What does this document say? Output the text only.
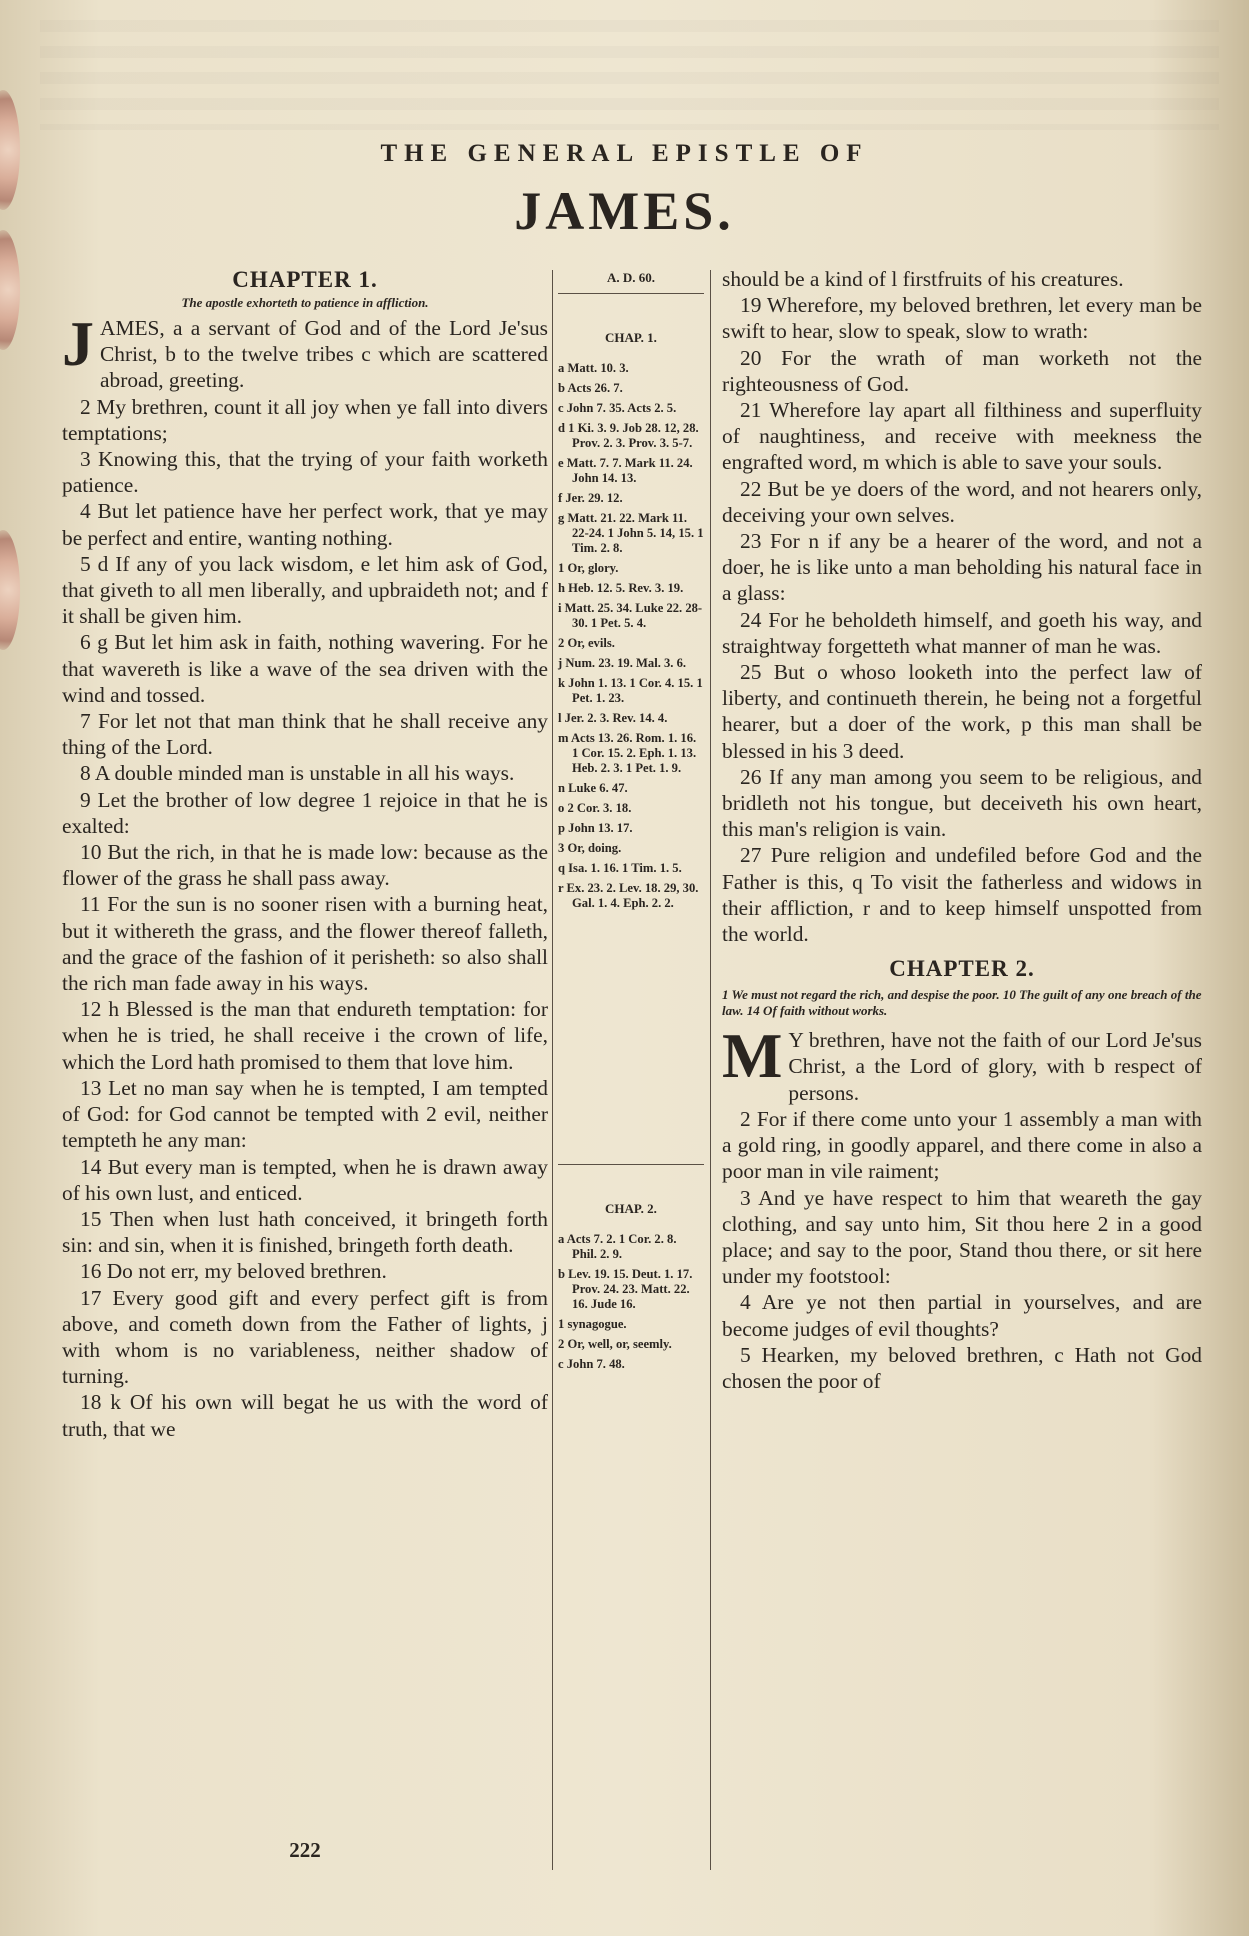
THE GENERAL EPISTLE OF
JAMES.
CHAPTER 1.
The apostle exhorteth to patience in affliction.
J AMES, a a servant of God and of the Lord Je'sus Christ, b to the twelve tribes c which are scattered abroad, greeting.

2 My brethren, count it all joy when ye fall into divers temptations;

3 Knowing this, that the trying of your faith worketh patience.

4 But let patience have her perfect work, that ye may be perfect and entire, wanting nothing.

5 d If any of you lack wisdom, e let him ask of God, that giveth to all men liberally, and upbraideth not; and f it shall be given him.

6 g But let him ask in faith, nothing wavering. For he that wavereth is like a wave of the sea driven with the wind and tossed.

7 For let not that man think that he shall receive any thing of the Lord.

8 A double minded man is unstable in all his ways.

9 Let the brother of low degree 1 rejoice in that he is exalted:

10 But the rich, in that he is made low: because as the flower of the grass he shall pass away.

11 For the sun is no sooner risen with a burning heat, but it withereth the grass, and the flower thereof falleth, and the grace of the fashion of it perisheth: so also shall the rich man fade away in his ways.

12 h Blessed is the man that endureth temptation: for when he is tried, he shall receive i the crown of life, which the Lord hath promised to them that love him.

13 Let no man say when he is tempted, I am tempted of God: for God cannot be tempted with 2 evil, neither tempteth he any man:

14 But every man is tempted, when he is drawn away of his own lust, and enticed.

15 Then when lust hath conceived, it bringeth forth sin: and sin, when it is finished, bringeth forth death.

16 Do not err, my beloved brethren.

17 Every good gift and every perfect gift is from above, and cometh down from the Father of lights, j with whom is no variableness, neither shadow of turning.

18 k Of his own will begat he us with the word of truth, that we

A. D. 60.
CHAP. 1.

a Matt. 10. 3.

b Acts 26. 7.

c John 7. 35. Acts 2. 5.

d 1 Ki. 3. 9. Job 28. 12, 28. Prov. 2. 3. Prov. 3. 5-7.

e Matt. 7. 7. Mark 11. 24. John 14. 13.

f Jer. 29. 12.

g Matt. 21. 22. Mark 11. 22-24. 1 John 5. 14, 15. 1 Tim. 2. 8.

1 Or, glory.

h Heb. 12. 5. Rev. 3. 19.

i Matt. 25. 34. Luke 22. 28-30. 1 Pet. 5. 4.

2 Or, evils.

j Num. 23. 19. Mal. 3. 6.

k John 1. 13. 1 Cor. 4. 15. 1 Pet. 1. 23.

l Jer. 2. 3. Rev. 14. 4.

m Acts 13. 26. Rom. 1. 16. 1 Cor. 15. 2. Eph. 1. 13. Heb. 2. 3. 1 Pet. 1. 9.

n Luke 6. 47.

o 2 Cor. 3. 18.

p John 13. 17.

3 Or, doing.

q Isa. 1. 16. 1 Tim. 1. 5.

r Ex. 23. 2. Lev. 18. 29, 30. Gal. 1. 4. Eph. 2. 2.

CHAP. 2.

a Acts 7. 2. 1 Cor. 2. 8. Phil. 2. 9.

b Lev. 19. 15. Deut. 1. 17. Prov. 24. 23. Matt. 22. 16. Jude 16.

1 synagogue.

2 Or, well, or, seemly.

c John 7. 48.

should be a kind of l firstfruits of his creatures.

19 Wherefore, my beloved brethren, let every man be swift to hear, slow to speak, slow to wrath:

20 For the wrath of man worketh not the righteousness of God.

21 Wherefore lay apart all filthiness and superfluity of naughtiness, and receive with meekness the engrafted word, m which is able to save your souls.

22 But be ye doers of the word, and not hearers only, deceiving your own selves.

23 For n if any be a hearer of the word, and not a doer, he is like unto a man beholding his natural face in a glass:

24 For he beholdeth himself, and goeth his way, and straightway forgetteth what manner of man he was.

25 But o whoso looketh into the perfect law of liberty, and continueth therein, he being not a forgetful hearer, but a doer of the work, p this man shall be blessed in his 3 deed.

26 If any man among you seem to be religious, and bridleth not his tongue, but deceiveth his own heart, this man's religion is vain.

27 Pure religion and undefiled before God and the Father is this, q To visit the fatherless and widows in their affliction, r and to keep himself unspotted from the world.

CHAPTER 2.
1 We must not regard the rich, and despise the poor. 10 The guilt of any one breach of the law. 14 Of faith without works.
M Y brethren, have not the faith of our Lord Je'sus Christ, a the Lord of glory, with b respect of persons.

2 For if there come unto your 1 assembly a man with a gold ring, in goodly apparel, and there come in also a poor man in vile raiment;

3 And ye have respect to him that weareth the gay clothing, and say unto him, Sit thou here 2 in a good place; and say to the poor, Stand thou there, or sit here under my footstool:

4 Are ye not then partial in yourselves, and are become judges of evil thoughts?

5 Hearken, my beloved brethren, c Hath not God chosen the poor of

222
